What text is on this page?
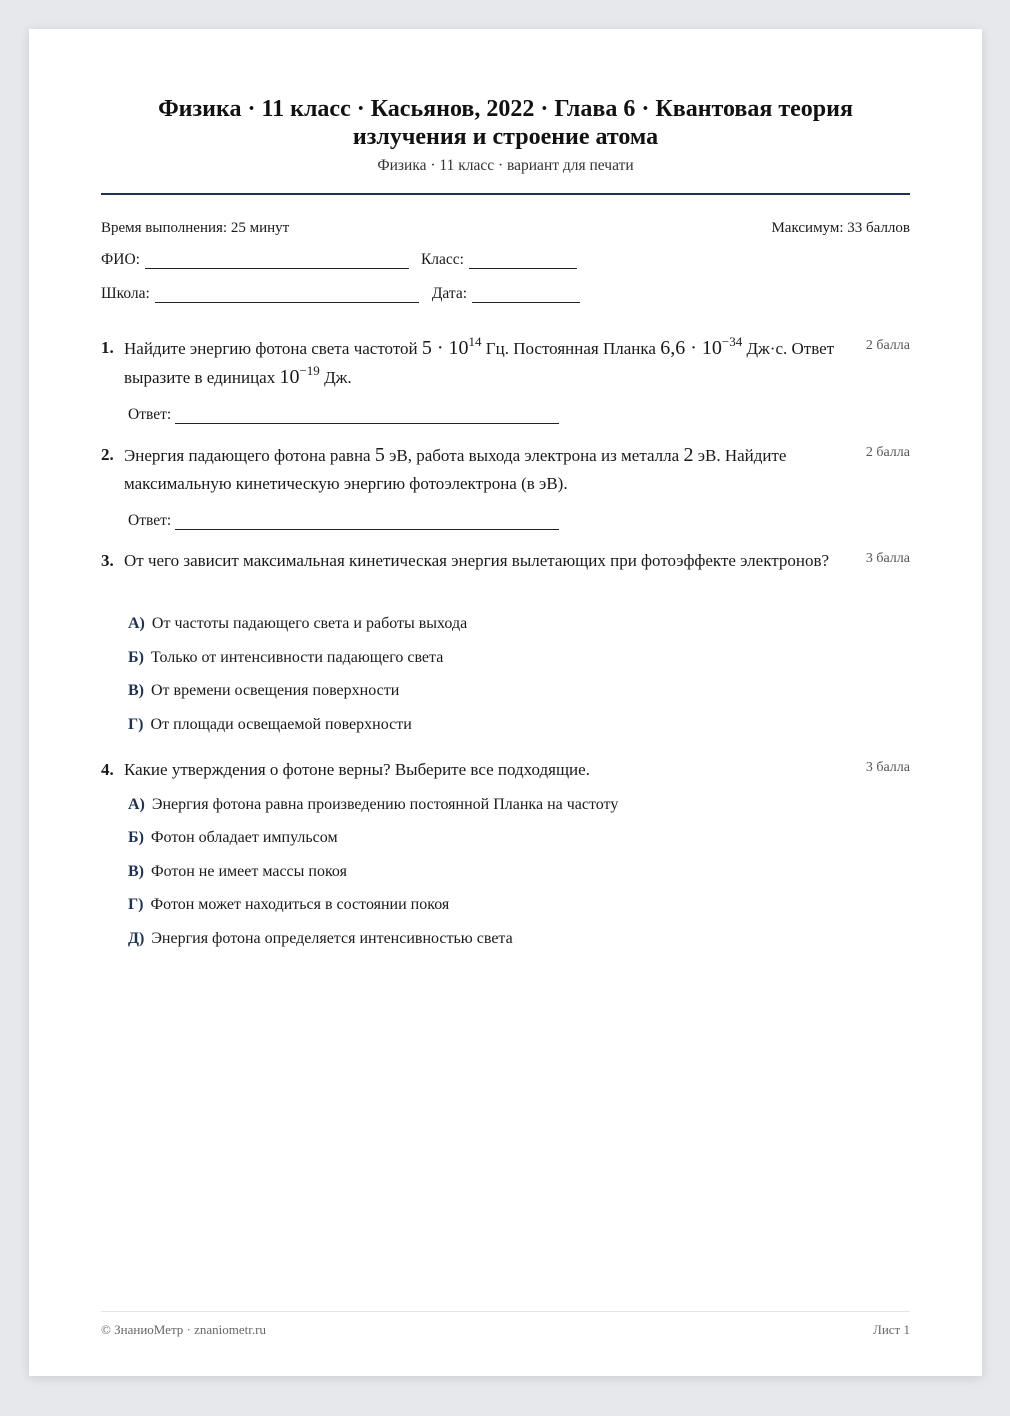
Физика · 11 класс · Касьянов, 2022 · Глава 6 · Квантовая теория излучения и строение атома
Физика · 11 класс · вариант для печати
Время выполнения: 25 минут	Максимум: 33 баллов
ФИО:	Класс:
Школа:	Дата:
1. Найдите энергию фотона света частотой $5 \cdot 10^{14}$ Гц. Постоянная Планка $6,6 \cdot 10^{-34}$ Дж·с. Ответ выразите в единицах $10^{-19}$ Дж.
2 балла
Ответ:
2. Энергия падающего фотона равна 5 эВ, работа выхода электрона из металла 2 эВ. Найдите максимальную кинетическую энергию фотоэлектрона (в эВ).
2 балла
Ответ:
3. От чего зависит максимальная кинетическая энергия вылетающих при фотоэффекте электронов?	3 балла
А) От частоты падающего света и работы выхода
Б) Только от интенсивности падающего света
В) От времени освещения поверхности
Г) От площади освещаемой поверхности
4. Какие утверждения о фотоне верны? Выберите все подходящие.	3 балла
А) Энергия фотона равна произведению постоянной Планка на частоту
Б) Фотон обладает импульсом
В) Фотон не имеет массы покоя
Г) Фотон может находиться в состоянии покоя
Д) Энергия фотона определяется интенсивностью света
© ЗнаниоМетр · znaniometr.ru	Лист 1
